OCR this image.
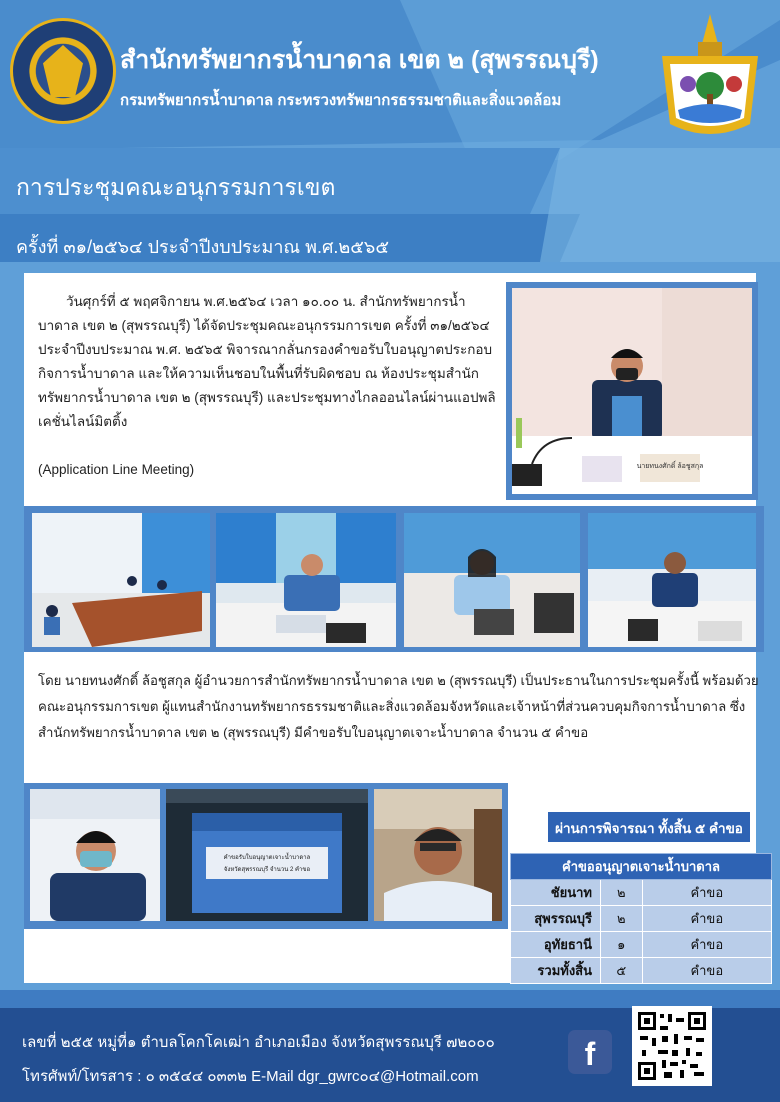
สำนักทรัพยากรน้ำบาดาล เขต ๒ (สุพรรณบุรี)
กรมทรัพยากรน้ำบาดาล กระทรวงทรัพยากรธรรมชาติและสิ่งแวดล้อม
การประชุมคณะอนุกรรมการเขต
ครั้งที่ ๓๑/๒๕๖๔ ประจำปีงบประมาณ พ.ศ.๒๕๖๕
วันศุกร์ที่ ๕ พฤศจิกายน พ.ศ.๒๕๖๔ เวลา ๑๐.๐๐ น. สำนักทรัพยากรน้ำบาดาล เขต ๒ (สุพรรณบุรี) ได้จัดประชุมคณะอนุกรรมการเขต ครั้งที่ ๓๑/๒๕๖๔ ประจำปีงบประมาณ พ.ศ. ๒๕๖๕ พิจารณากลั่นกรองคำขอรับใบอนุญาตประกอบกิจการน้ำบาดาล และให้ความเห็นชอบในพื้นที่รับผิดชอบ ณ ห้องประชุมสำนักทรัพยากรน้ำบาดาล เขต ๒ (สุพรรณบุรี) และประชุมทางไกลออนไลน์ผ่านแอปพลิเคชั่นไลน์มิตติ้ง
(Application Line Meeting)	นายทนงศักดิ์ ล้อชูสกุล
โดย นายทนงศักดิ์ ล้อชูสกุล ผู้อำนวยการสำนักทรัพยากรน้ำบาดาล เขต ๒ (สุพรรณบุรี) เป็นประธานในการประชุมครั้งนี้ พร้อมด้วยคณะอนุกรรมการเขต ผู้แทนสำนักงานทรัพยากรธรรมชาติและสิ่งแวดล้อมจังหวัดและเจ้าหน้าที่ส่วนควบคุมกิจการน้ำบาดาล ซึ่งสำนักทรัพยากรน้ำบาดาล เขต ๒ (สุพรรณบุรี) มีคำขอรับใบอนุญาตเจาะน้ำบาดาล จำนวน ๕ คำขอ
คำขอรับใบอนุญาตเจาะน้ำบาดาล
จังหวัดสุพรรณบุรี จำนวน 2 คำขอ
ผ่านการพิจารณา ทั้งสิ้น ๕ คำขอ
คำขออนุญาตเจาะน้ำบาดาล		
ชัยนาท	๒	คำขอ
สุพรรณบุรี	๒	คำขอ
อุทัยธานี	๑	คำขอ
รวมทั้งสิ้น	๕	คำขอ
เลขที่ ๒๕๕ หมู่ที่๑ ตำบลโคกโคเฒ่า อำเภอเมือง จังหวัดสุพรรณบุรี ๗๒๐๐๐
โทรศัพท์/โทรสาร : ๐ ๓๕๔๔ ๐๓๓๒ E-Mail dgr_gwrc๐๔@Hotmail.com
f
